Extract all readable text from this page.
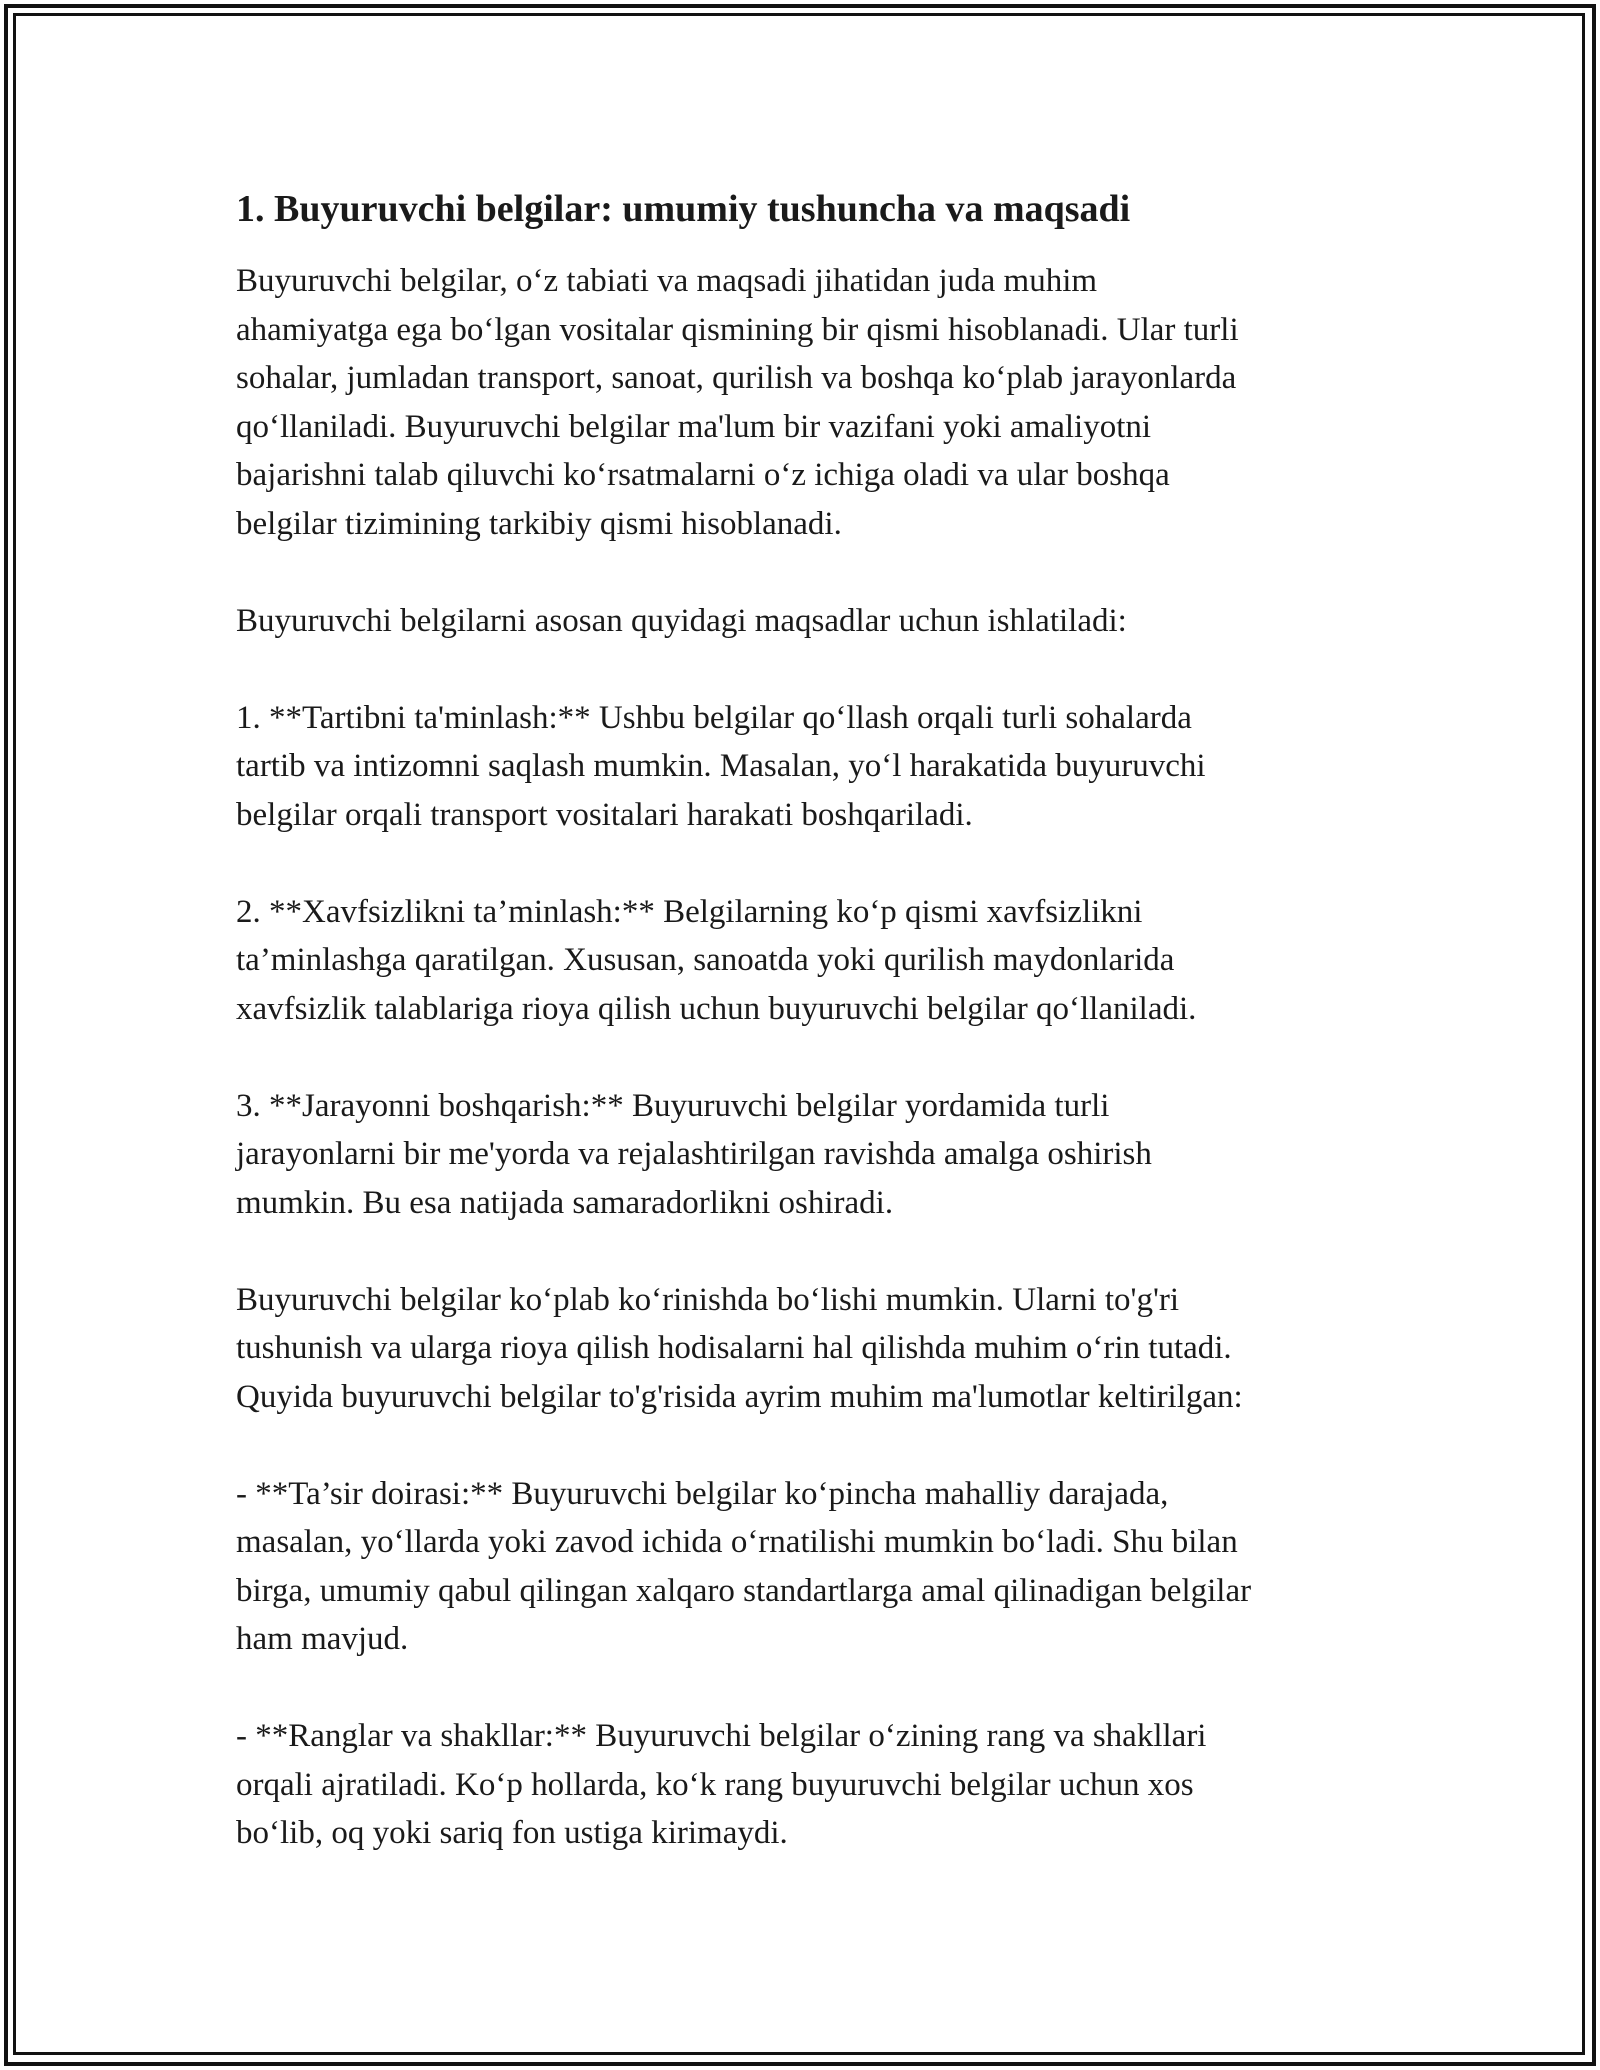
1. Buyuruvchi belgilar: umumiy tushuncha va maqsadi
Buyuruvchi belgilar, o‘z tabiati va maqsadi jihatidan juda muhim
ahamiyatga ega bo‘lgan vositalar qismining bir qismi hisoblanadi. Ular turli
sohalar, jumladan transport, sanoat, qurilish va boshqa ko‘plab jarayonlarda
qo‘llaniladi. Buyuruvchi belgilar ma'lum bir vazifani yoki amaliyotni
bajarishni talab qiluvchi ko‘rsatmalarni o‘z ichiga oladi va ular boshqa
belgilar tizimining tarkibiy qismi hisoblanadi.
Buyuruvchi belgilarni asosan quyidagi maqsadlar uchun ishlatiladi:
1. **Tartibni ta'minlash:** Ushbu belgilar qo‘llash orqali turli sohalarda
tartib va intizomni saqlash mumkin. Masalan, yo‘l harakatida buyuruvchi
belgilar orqali transport vositalari harakati boshqariladi.
2. **Xavfsizlikni ta’minlash:** Belgilarning ko‘p qismi xavfsizlikni
ta’minlashga qaratilgan. Xususan, sanoatda yoki qurilish maydonlarida
xavfsizlik talablariga rioya qilish uchun buyuruvchi belgilar qo‘llaniladi.
3. **Jarayonni boshqarish:** Buyuruvchi belgilar yordamida turli
jarayonlarni bir me'yorda va rejalashtirilgan ravishda amalga oshirish
mumkin. Bu esa natijada samaradorlikni oshiradi.
Buyuruvchi belgilar ko‘plab ko‘rinishda bo‘lishi mumkin. Ularni to'g'ri
tushunish va ularga rioya qilish hodisalarni hal qilishda muhim o‘rin tutadi.
Quyida buyuruvchi belgilar to'g'risida ayrim muhim ma'lumotlar keltirilgan:
- **Ta’sir doirasi:** Buyuruvchi belgilar ko‘pincha mahalliy darajada,
masalan, yo‘llarda yoki zavod ichida o‘rnatilishi mumkin bo‘ladi. Shu bilan
birga, umumiy qabul qilingan xalqaro standartlarga amal qilinadigan belgilar
ham mavjud.
- **Ranglar va shakllar:** Buyuruvchi belgilar o‘zining rang va shakllari
orqali ajratiladi. Ko‘p hollarda, ko‘k rang buyuruvchi belgilar uchun xos
bo‘lib, oq yoki sariq fon ustiga kirimaydi.
